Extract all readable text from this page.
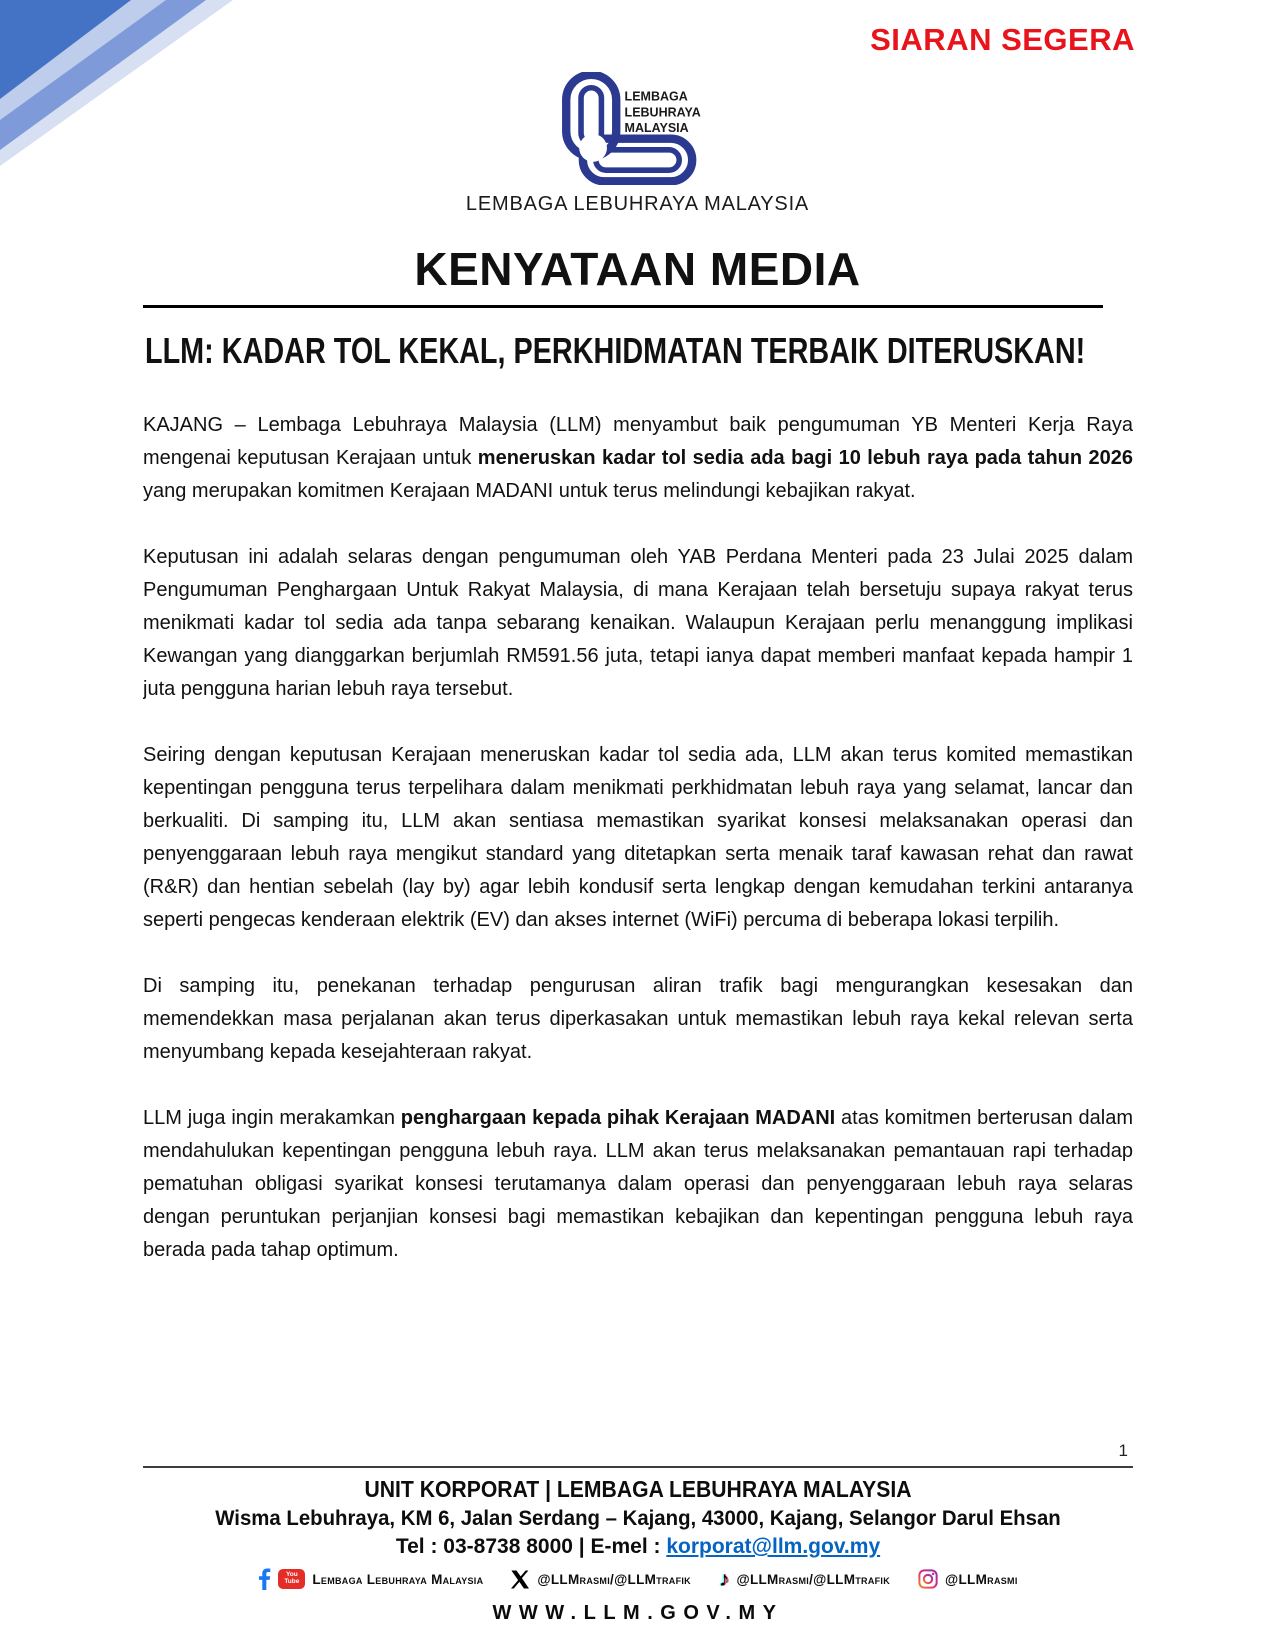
SIARAN SEGERA
LEMBAGA
LEBUHRAYA
MALAYSIA
LEMBAGA LEBUHRAYA MALAYSIA
KENYATAAN MEDIA
LLM: KADAR TOL KEKAL, PERKHIDMATAN TERBAIK DITERUSKAN!

KAJANG – Lembaga Lebuhraya Malaysia (LLM) menyambut baik pengumuman YB Menteri Kerja Raya mengenai keputusan Kerajaan untuk meneruskan kadar tol sedia ada bagi 10 lebuh raya pada tahun 2026 yang merupakan komitmen Kerajaan MADANI untuk terus melindungi kebajikan rakyat.

Keputusan ini adalah selaras dengan pengumuman oleh YAB Perdana Menteri pada 23 Julai 2025 dalam Pengumuman Penghargaan Untuk Rakyat Malaysia, di mana Kerajaan telah bersetuju supaya rakyat terus menikmati kadar tol sedia ada tanpa sebarang kenaikan. Walaupun Kerajaan perlu menanggung implikasi Kewangan yang dianggarkan berjumlah RM591.56 juta, tetapi ianya dapat memberi manfaat kepada hampir 1 juta pengguna harian lebuh raya tersebut.

Seiring dengan keputusan Kerajaan meneruskan kadar tol sedia ada, LLM akan terus komited memastikan kepentingan pengguna terus terpelihara dalam menikmati perkhidmatan lebuh raya yang selamat, lancar dan berkualiti. Di samping itu, LLM akan sentiasa memastikan syarikat konsesi melaksanakan operasi dan penyenggaraan lebuh raya mengikut standard yang ditetapkan serta menaik taraf kawasan rehat dan rawat (R&R) dan hentian sebelah (lay by) agar lebih kondusif serta lengkap dengan kemudahan terkini antaranya seperti pengecas kenderaan elektrik (EV) dan akses internet (WiFi) percuma di beberapa lokasi terpilih.

Di samping itu, penekanan terhadap pengurusan aliran trafik bagi mengurangkan kesesakan dan memendekkan masa perjalanan akan terus diperkasakan untuk memastikan lebuh raya kekal relevan serta menyumbang kepada kesejahteraan rakyat.

LLM juga ingin merakamkan penghargaan kepada pihak Kerajaan MADANI atas komitmen berterusan dalam mendahulukan kepentingan pengguna lebuh raya. LLM akan terus melaksanakan pemantauan rapi terhadap pematuhan obligasi syarikat konsesi terutamanya dalam operasi dan penyenggaraan lebuh raya selaras dengan peruntukan perjanjian konsesi bagi memastikan kebajikan dan kepentingan pengguna lebuh raya berada pada tahap optimum.

1
UNIT KORPORAT | LEMBAGA LEBUHRAYA MALAYSIA
Wisma Lebuhraya, KM 6, Jalan Serdang – Kajang, 43000, Kajang, Selangor Darul Ehsan
Tel : 03-8738 8000 | E-mel : korporat@llm.gov.my
You
Tube Lembaga Lebuhraya Malaysia	@LLMrasmi/@LLMtrafik ♪	@LLMrasmi/@LLMtrafik	@LLMrasmi
WWW.LLM.GOV.MY
